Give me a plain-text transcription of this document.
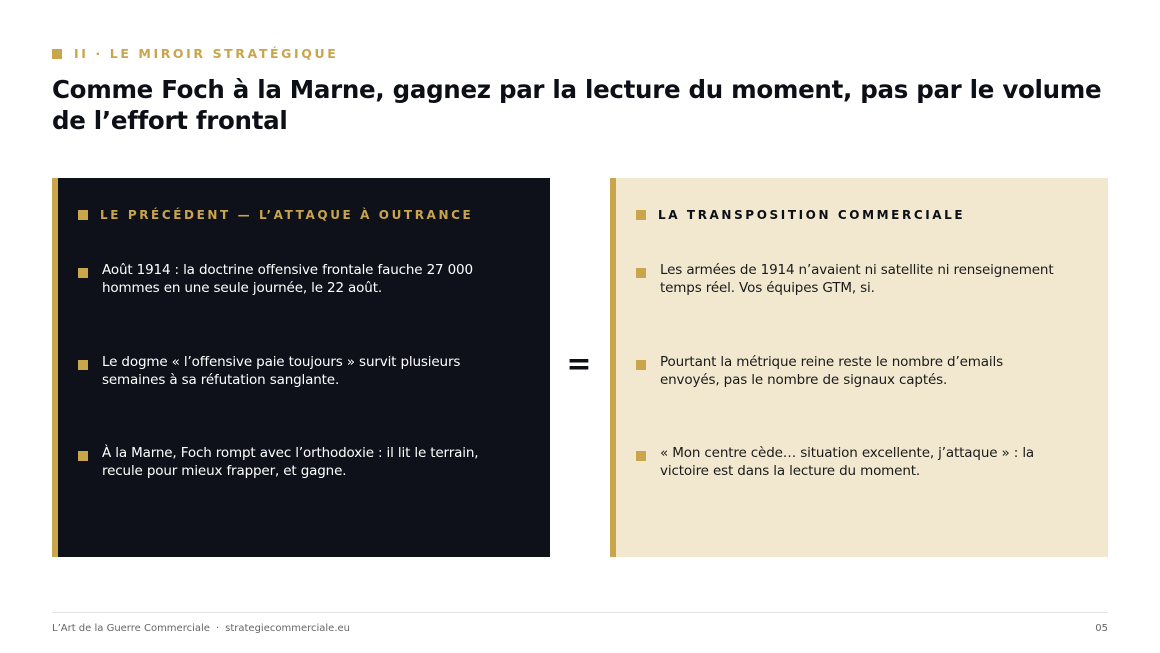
II · LE MIROIR STRATÉGIQUE
Comme Foch à la Marne, gagnez par la lecture du moment, pas par le volume de l’effort frontal
LE PRÉCÉDENT — L’ATTAQUE À OUTRANCE
Août 1914 : la doctrine offensive frontale fauche 27 000 hommes en une seule journée, le 22 août.
Le dogme « l’offensive paie toujours » survit plusieurs semaines à sa réfutation sanglante.
À la Marne, Foch rompt avec l’orthodoxie : il lit le terrain, recule pour mieux frapper, et gagne.
=
LA TRANSPOSITION COMMERCIALE
Les armées de 1914 n’avaient ni satellite ni renseignement temps réel. Vos équipes GTM, si.
Pourtant la métrique reine reste le nombre d’emails envoyés, pas le nombre de signaux captés.
« Mon centre cède… situation excellente, j’attaque » : la victoire est dans la lecture du moment.
L’Art de la Guerre Commerciale · strategiecommerciale.eu	05
